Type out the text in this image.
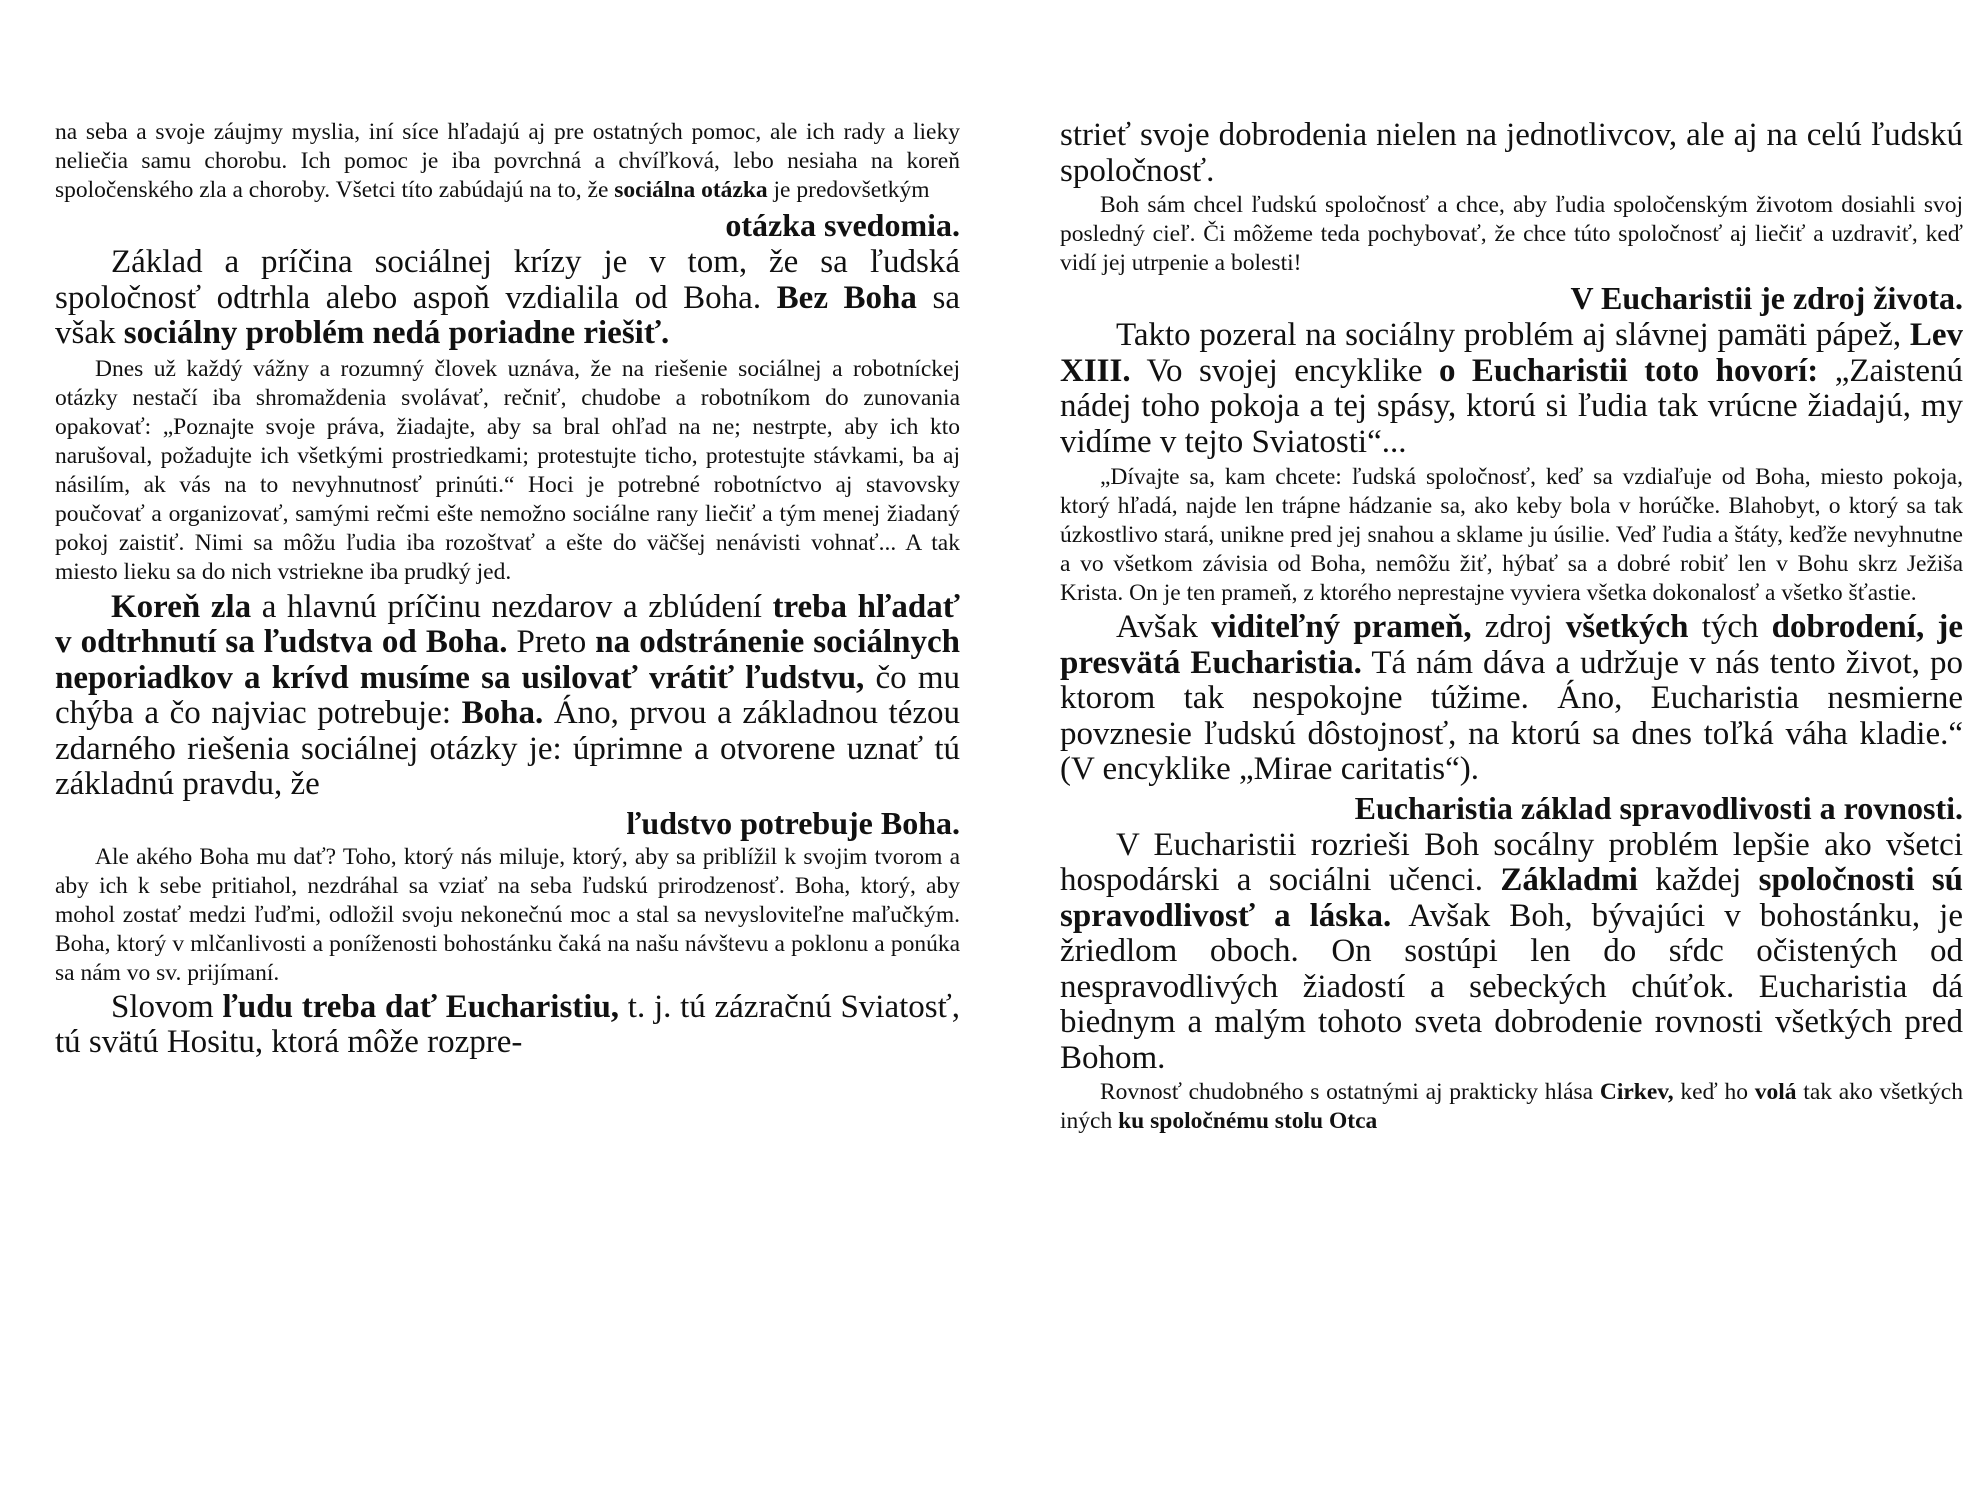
na seba a svoje záujmy myslia, iní síce hľadajú aj pre ostatných pomoc, ale ich rady a lieky neliečia samu chorobu. Ich pomoc je iba povrchná a chvíľková, lebo nesiaha na koreň spoločenského zla a choroby. Všetci títo zabúdajú na to, že sociálna otázka je predovšetkým

otázka svedomia.

Základ a príčina sociálnej krízy je v tom, že sa ľudská spoločnosť odtrhla alebo aspoň vzdialila od Boha. Bez Boha sa však sociálny problém nedá poriadne riešiť.

Dnes už každý vážny a rozumný človek uznáva, že na riešenie sociálnej a robotníckej otázky nestačí iba shromaždenia svolávať, rečniť, chudobe a robotníkom do zunovania opakovať: „Poznajte svoje práva, žiadajte, aby sa bral ohľad na ne; nestrpte, aby ich kto narušoval, požadujte ich všetkými prostriedkami; protestujte ticho, protestujte stávkami, ba aj násilím, ak vás na to nevyhnutnosť prinúti.“ Hoci je potrebné robotníctvo aj stavovsky poučovať a organizovať, samými rečmi ešte nemožno sociálne rany liečiť a tým menej žiadaný pokoj zaistiť. Nimi sa môžu ľudia iba rozoštvať a ešte do väčšej nenávisti vohnať... A tak miesto lieku sa do nich vstriekne iba prudký jed.

Koreň zla a hlavnú príčinu nezdarov a zblúdení treba hľadať v odtrhnutí sa ľudstva od Boha. Preto na odstránenie sociálnych neporiadkov a krívd musíme sa usilovať vrátiť ľudstvu, čo mu chýba a čo najviac potrebuje: Boha. Áno, prvou a základnou tézou zdarného riešenia sociálnej otázky je: úprimne a otvorene uznať tú základnú pravdu, že

ľudstvo potrebuje Boha.

Ale akého Boha mu dať? Toho, ktorý nás miluje, ktorý, aby sa priblížil k svojim tvorom a aby ich k sebe pritiahol, nezdráhal sa vziať na seba ľudskú prirodzenosť. Boha, ktorý, aby mohol zostať medzi ľuďmi, odložil svoju nekonečnú moc a stal sa nevysloviteľne maľučkým. Boha, ktorý v mlčanlivosti a poníženosti bohostánku čaká na našu návštevu a poklonu a ponúka sa nám vo sv. prijímaní.

Slovom ľudu treba dať Eucharistiu, t. j. tú zázračnú Sviatosť, tú svätú Hositu, ktorá môže rozpre-

strieť svoje dobrodenia nielen na jednotlivcov, ale aj na celú ľudskú spoločnosť.

Boh sám chcel ľudskú spoločnosť a chce, aby ľudia spoločenským životom dosiahli svoj posledný cieľ. Či môžeme teda pochybovať, že chce túto spoločnosť aj liečiť a uzdraviť, keď vidí jej utrpenie a bolesti!

V Eucharistii je zdroj života.

Takto pozeral na sociálny problém aj slávnej pamäti pápež, Lev XIII. Vo svojej encyklike o Eucharistii toto hovorí: „Zaistenú nádej toho pokoja a tej spásy, ktorú si ľudia tak vrúcne žiadajú, my vidíme v tejto Sviatosti“...

„Dívajte sa, kam chcete: ľudská spoločnosť, keď sa vzdiaľuje od Boha, miesto pokoja, ktorý hľadá, najde len trápne hádzanie sa, ako keby bola v horúčke. Blahobyt, o ktorý sa tak úzkostlivo stará, unikne pred jej snahou a sklame ju úsilie. Veď ľudia a štáty, keďže nevyhnutne a vo všetkom závisia od Boha, nemôžu žiť, hýbať sa a dobré robiť len v Bohu skrz Ježiša Krista. On je ten prameň, z ktorého neprestajne vyviera všetka dokonalosť a všetko šťastie.

Avšak viditeľný prameň, zdroj všetkých tých dobrodení, je presvätá Eucharistia. Tá nám dáva a udržuje v nás tento život, po ktorom tak nespokojne túžime. Áno, Eucharistia nesmierne povznesie ľudskú dôstojnosť, na ktorú sa dnes toľká váha kladie.“ (V encyklike „Mirae caritatis“).

Eucharistia základ spravodlivosti a rovnosti.

V Eucharistii rozrieši Boh socálny problém lepšie ako všetci hospodárski a sociálni učenci. Základmi každej spoločnosti sú spravodlivosť a láska. Avšak Boh, bývajúci v bohostánku, je žriedlom oboch. On sostúpi len do sŕdc očistených od nespravodlivých žiadostí a sebeckých chúťok. Eucharistia dá biednym a malým tohoto sveta dobrodenie rovnosti všetkých pred Bohom.

Rovnosť chudobného s ostatnými aj prakticky hlása Cirkev, keď ho volá tak ako všetkých iných ku spoločnému stolu Otca
